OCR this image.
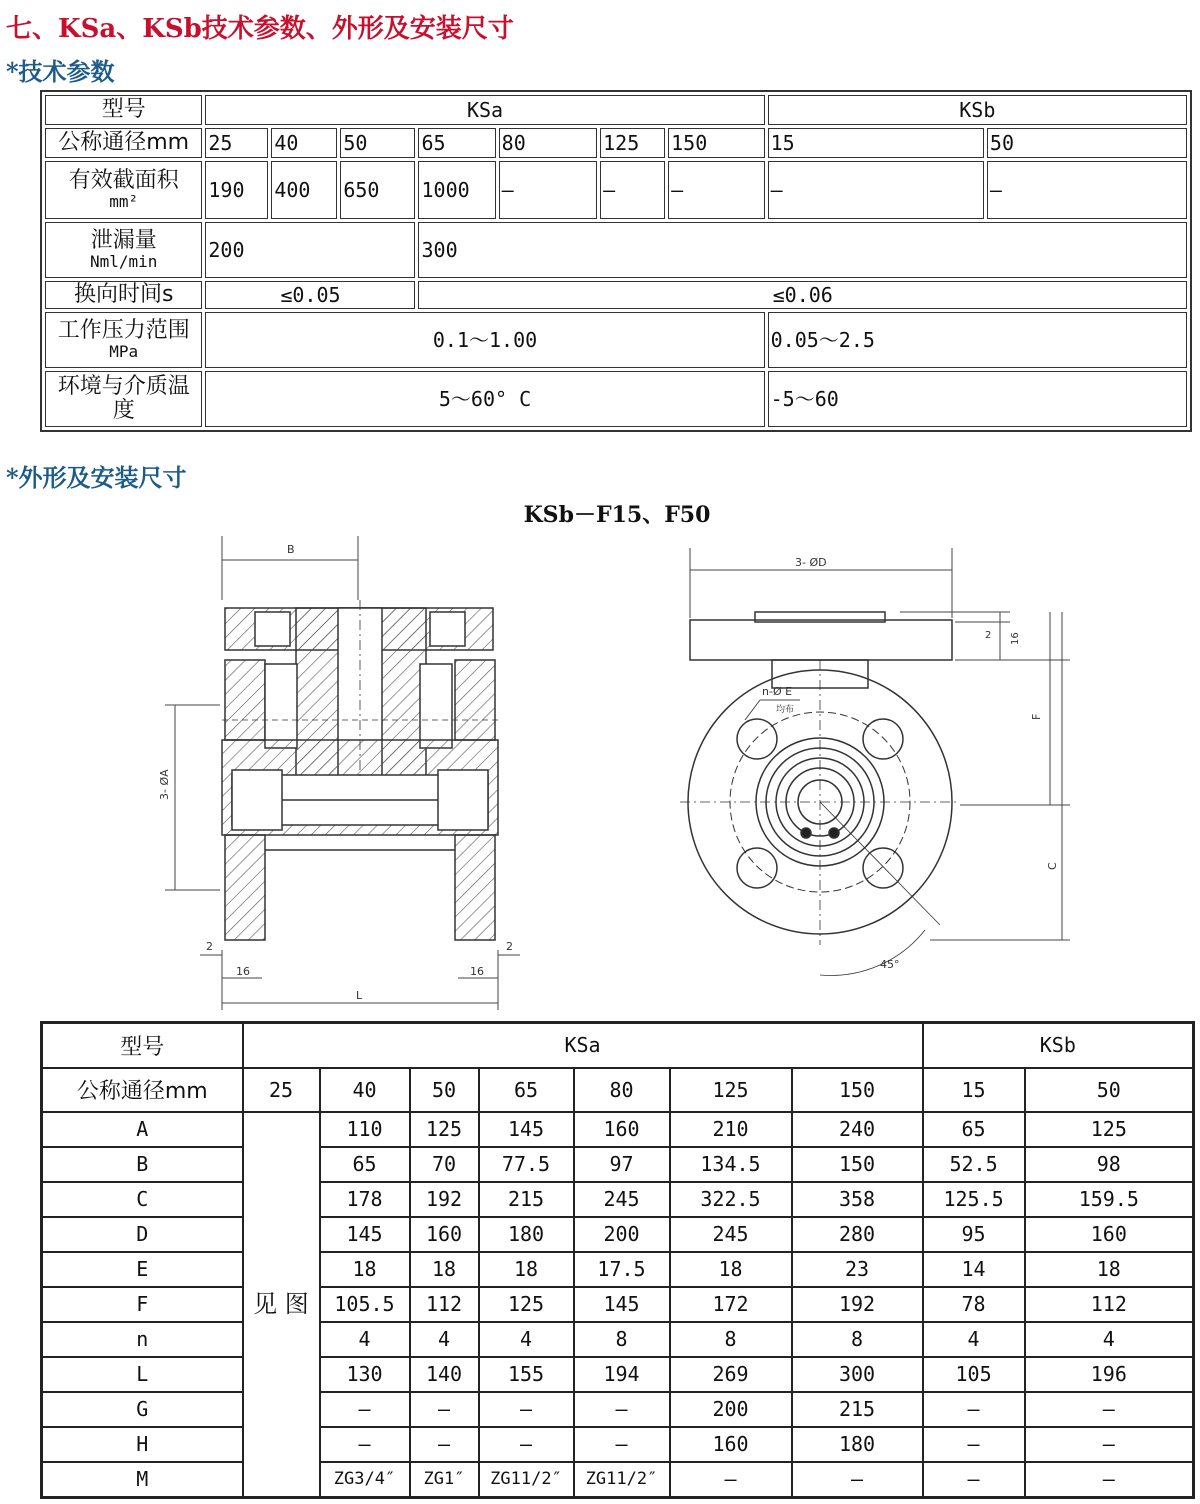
七、KSa、KSb技术参数、外形及安装尺寸
*技术参数
型号	KSa							KSb	
公称通径mm	25	40	50	65	80	125	150	15	50
有效截面积
mm²	190	400	650	1000	–	–	–	–	–
泄漏量
Nml/min	200			300					
换向时间s	≤0.05			≤0.06					
工作压力范围
MPa	0.1～1.00							0.05～2.5	
环境与介质温度	5～60° C							-5～60	
*外形及安装尺寸
KSb－F15、F50
B
3- ØA
L
2	2
16	16
3- ØD
2 16
F
C
n-Ø E
均布
45°
型号	KSa							KSb	
公称通径mm	25	40	50	65	80	125	150	15	50
A	见 图	110	125	145	160	210	240	65	125
B		65	70	77.5	97	134.5	150	52.5	98
C		178	192	215	245	322.5	358	125.5	159.5
D		145	160	180	200	245	280	95	160
E		18	18	18	17.5	18	23	14	18
F		105.5	112	125	145	172	192	78	112
n		4	4	4	8	8	8	4	4
L		130	140	155	194	269	300	105	196
G		–	–	–	–	200	215	–	–
H		–	–	–	–	160	180	–	–
M		ZG3/4″	ZG1″	ZG11/2″	ZG11/2″	–	–	–	–
